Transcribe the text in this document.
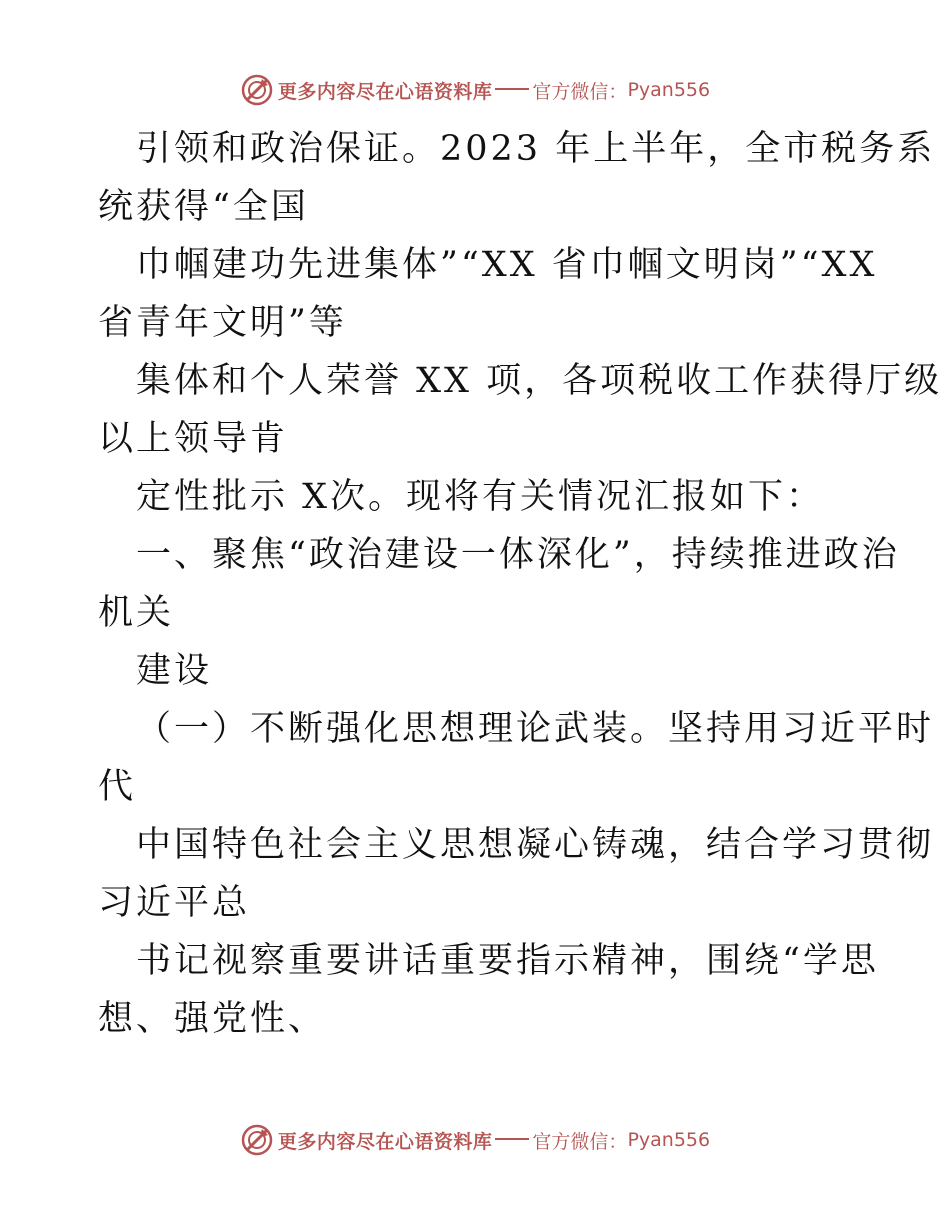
更多内容尽在心语资料库 官方微信： Pyan556
引领和政治保证。2023 年上半年，全市税务系
统获得“全国
巾帼建功先进集体”“XX 省巾帼文明岗”“XX
省青年文明”等
集体和个人荣誉 XX 项，各项税收工作获得厅级
以上领导肯
定性批示 X次。现将有关情况汇报如下：
一、聚焦“政治建设一体深化”，持续推进政治
机关
建设
（一）不断强化思想理论武装。坚持用习近平时
代
中国特色社会主义思想凝心铸魂，结合学习贯彻
习近平总
书记视察重要讲话重要指示精神，围绕“学思
想、强党性、
更多内容尽在心语资料库 官方微信： Pyan556
